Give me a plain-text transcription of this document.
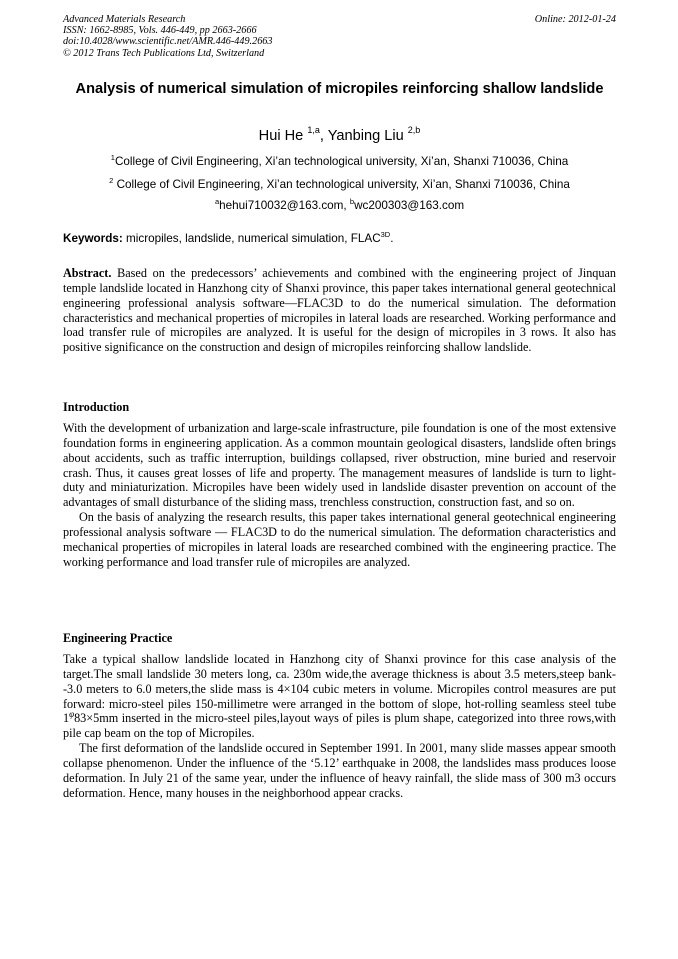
Advanced Materials Research
ISSN: 1662-8985, Vols. 446-449, pp 2663-2666
doi:10.4028/www.scientific.net/AMR.446-449.2663
© 2012 Trans Tech Publications Ltd, Switzerland
Online: 2012-01-24
Analysis of numerical simulation of micropiles reinforcing shallow landslide
Hui He $^{1,a}$, Yanbing Liu $^{2,b}$
$^1$College of Civil Engineering, Xi’an technological university, Xi’an, Shanxi 710036, China
$^2$ College of Civil Engineering, Xi’an technological university, Xi’an, Shanxi 710036, China
$^a$hehui710032@163.com, $^b$wc200303@163.com
Keywords: micropiles, landslide, numerical simulation, $FLAC^{3D}$.

Abstract. Based on the predecessors’ achievements and combined with the engineering project of Jinquan temple landslide located in Hanzhong city of Shanxi province, this paper takes international general geotechnical engineering professional analysis software—FLAC3D to do the numerical simulation. The deformation characteristics and mechanical properties of micropiles in lateral loads are researched. Working performance and load transfer rule of micropiles are analyzed. It is useful for the design of micropiles in 3 rows. It also has positive significance on the construction and design of micropiles reinforcing shallow landslide.

Introduction

With the development of urbanization and large-scale infrastructure, pile foundation is one of the most extensive foundation forms in engineering application. As a common mountain geological disasters, landslide often brings about accidents, such as traffic interruption, buildings collapsed, river obstruction, mine buried and reservoir crash. Thus, it causes great losses of life and property. The management measures of landslide is turn to light-duty and miniaturization. Micropiles have been widely used in landslide disaster prevention on account of the advantages of small disturbance of the sliding mass, trenchless construction, construction fast, and so on.

On the basis of analyzing the research results, this paper takes international general geotechnical engineering professional analysis software — FLAC3D to do the numerical simulation. The deformation characteristics and mechanical properties of micropiles in lateral loads are researched combined with the engineering practice. The working performance and load transfer rule of micropiles are analyzed.

Engineering Practice

Take a typical shallow landslide located in Hanzhong city of Shanxi province for this case analysis of the target.The small landslide 30 meters long, ca. 230m wide,the average thickness is about 3.5 meters,steep bank--3.0 meters to 6.0 meters,the slide mass is 4×104 cubic meters in volume. Micropiles control measures are put forward: micro-steel piles 150-millimetre were arranged in the bottom of slope, hot-rolling seamless steel tube $1^\varphi 83\times 5mm$ inserted in the micro-steel piles,layout ways of piles is plum shape, categorized into three rows,with pile cap beam on the top of Micropiles.

The first deformation of the landslide occured in September 1991. In 2001, many slide masses appear smooth collapse phenomenon. Under the influence of the ‘5.12’ earthquake in 2008, the landslides mass produces loose deformation. In July 21 of the same year, under the influence of heavy rainfall, the slide mass of 300 m3 occurs deformation. Hence, many houses in the neighborhood appear cracks.
